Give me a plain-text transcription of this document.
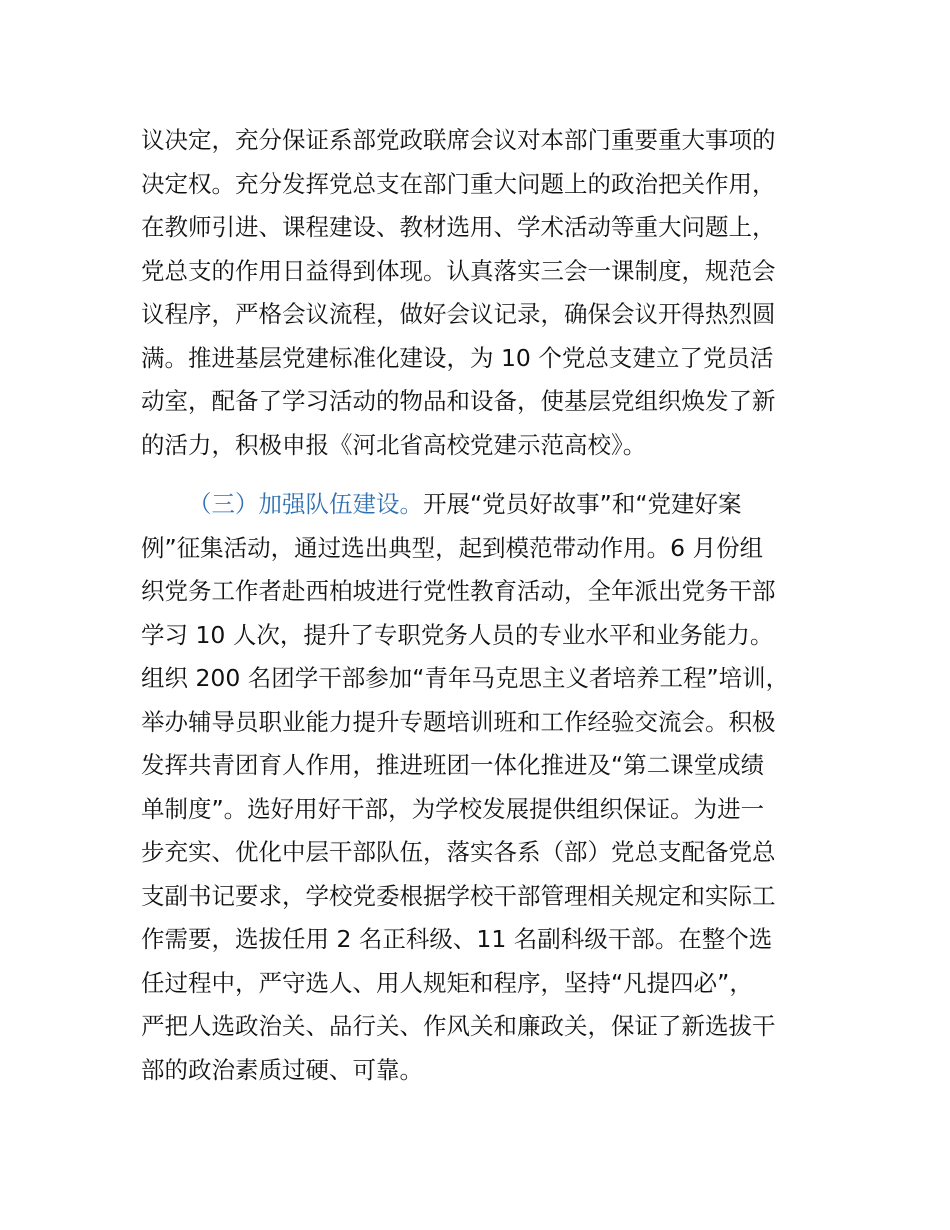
议决定，充分保证系部党政联席会议对本部门重要重大事项的
决定权。充分发挥党总支在部门重大问题上的政治把关作用，
在教师引进、课程建设、教材选用、学术活动等重大问题上，
党总支的作用日益得到体现。认真落实三会一课制度，规范会
议程序，严格会议流程，做好会议记录，确保会议开得热烈圆
满。推进基层党建标准化建设，为 10 个党总支建立了党员活
动室，配备了学习活动的物品和设备，使基层党组织焕发了新
的活力，积极申报《河北省高校党建示范高校》。
（三）加强队伍建设。开展“党员好故事”和“党建好案
例”征集活动，通过选出典型，起到模范带动作用。6 月份组
织党务工作者赴西柏坡进行党性教育活动，全年派出党务干部
学习 10 人次，提升了专职党务人员的专业水平和业务能力。
组织 200 名团学干部参加“青年马克思主义者培养工程”培训，
举办辅导员职业能力提升专题培训班和工作经验交流会。积极
发挥共青团育人作用，推进班团一体化推进及“第二课堂成绩
单制度”。选好用好干部，为学校发展提供组织保证。为进一
步充实、优化中层干部队伍，落实各系（部）党总支配备党总
支副书记要求，学校党委根据学校干部管理相关规定和实际工
作需要，选拔任用 2 名正科级、11 名副科级干部。在整个选
任过程中，严守选人、用人规矩和程序，坚持“凡提四必”，
严把人选政治关、品行关、作风关和廉政关，保证了新选拔干
部的政治素质过硬、可靠。
